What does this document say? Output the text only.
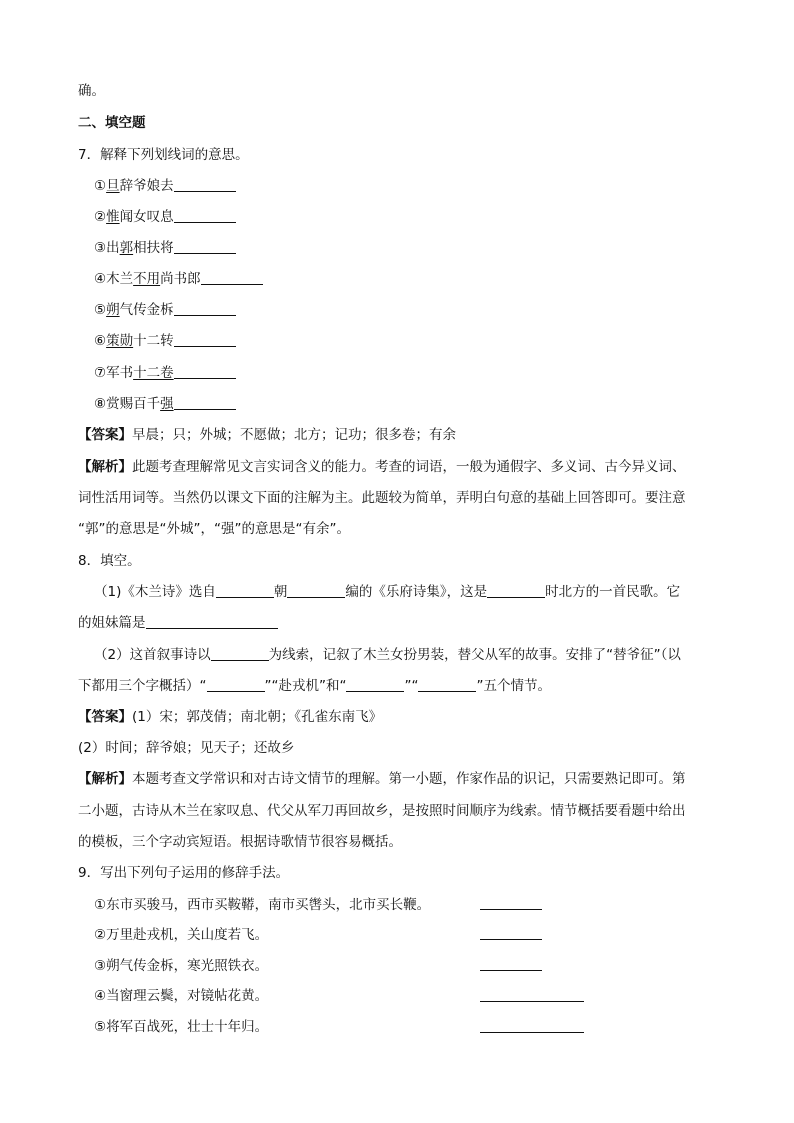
确。
二、填空题
7．解释下列划线词的意思。
①旦辞爷娘去
②惟闻女叹息
③出郭相扶将
④木兰不用尚书郎
⑤朔气传金柝
⑥策勋十二转
⑦军书十二卷
⑧赏赐百千强
【答案】早晨；只；外城；不愿做；北方；记功；很多卷；有余
【解析】此题考查理解常见文言实词含义的能力。考查的词语，一般为通假字、多义词、古今异义词、
词性活用词等。当然仍以课文下面的注解为主。此题较为简单，弄明白句意的基础上回答即可。要注意
“郭”的意思是“外城”，“强”的意思是“有余”。
8．填空。
（1)《木兰诗》选自	朝	编的《乐府诗集》，这是	时北方的一首民歌。它
的姐妹篇是
（2）这首叙事诗以	为线索，记叙了木兰女扮男装，替父从军的故事。安排了“替爷征”（以
下都用三个字概括）“	”“赴戎机”和“	”“	”五个情节。
【答案】(1）宋；郭茂倩；南北朝；《孔雀东南飞》
(2）时间；辞爷娘；见天子；还故乡
【解析】本题考查文学常识和对古诗文情节的理解。第一小题，作家作品的识记，只需要熟记即可。第
二小题，古诗从木兰在家叹息、代父从军刀再回故乡，是按照时间顺序为线索。情节概括要看题中给出
的模板，三个字动宾短语。根据诗歌情节很容易概括。
9．写出下列句子运用的修辞手法。
①东市买骏马，西市买鞍鞯，南市买辔头，北市买长鞭。
②万里赴戎机，关山度若飞。
③朔气传金柝，寒光照铁衣。
④当窗理云鬓，对镜帖花黄。
⑤将军百战死，壮士十年归。
